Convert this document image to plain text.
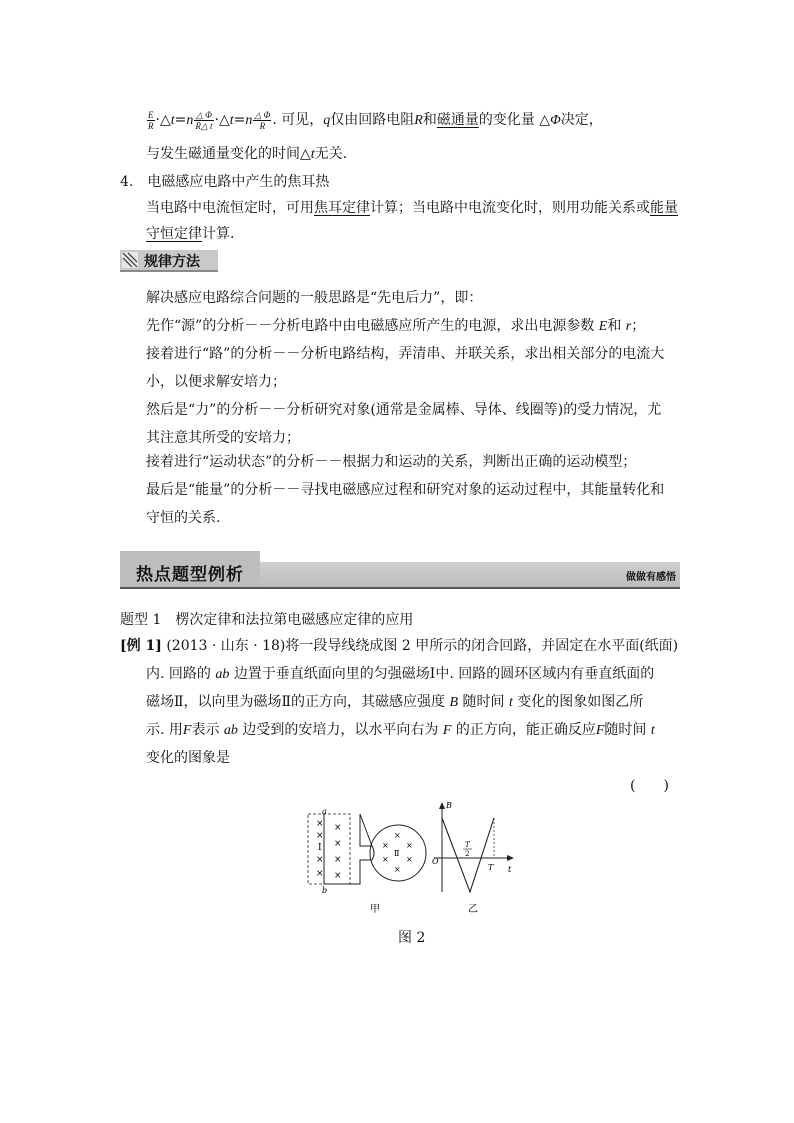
$\frac{E}{R}$ ·△t=n $\frac{\triangle \Phi}{R\triangle t}$ ·△t=n $\frac{\triangle \Phi}{R}$ . 可见，q仅由回路电阻R和磁通量的变化量 △Φ决定，
与发生磁通量变化的时间△t无关.
4.　 电磁感应电路中产生的焦耳热
当电路中电流恒定时，可用焦耳定律计算；当电路中电流变化时，则用功能关系或能量
守恒定律计算.
规律方法
解决感应电路综合问题的一般思路是“先电后力”，即：
先作“源”的分析－－分析电路中由电磁感应所产生的电源，求出电源参数 E和 r；
接着进行“路”的分析－－分析电路结构，弄清串、并联关系，求出相关部分的电流大
小，以便求解安培力；
然后是“力”的分析－－分析研究对象(通常是金属棒、导体、线圈等)的受力情况，尤
其注意其所受的安培力；
接着进行“运动状态”的分析－－根据力和运动的关系，判断出正确的运动模型；
最后是“能量”的分析－－寻找电磁感应过程和研究对象的运动过程中，其能量转化和
守恒的关系.
热点题型例析	做做有感悟
题型 1　楞次定律和法拉第电磁感应定律的应用
[例 1] (2013 · 山东 · 18)将一段导线绕成图 2 甲所示的闭合回路，并固定在水平面(纸面)
内. 回路的 ab 边置于垂直纸面向里的匀强磁场Ⅰ中. 回路的圆环区域内有垂直纸面的
磁场Ⅱ，以向里为磁场Ⅱ的正方向，其磁感应强度 B 随时间 t 变化的图象如图乙所
示. 用F表示 ab 边受到的安培力，以水平向右为 F 的正方向，能正确反应F随时间 t
变化的图象是
(　　)
×
×
×
×
×
×
×
×
Ⅰ
a
b
×
× ×
Ⅱ
× ×
×
B
t
O
T
2
T
甲	乙
图 2
